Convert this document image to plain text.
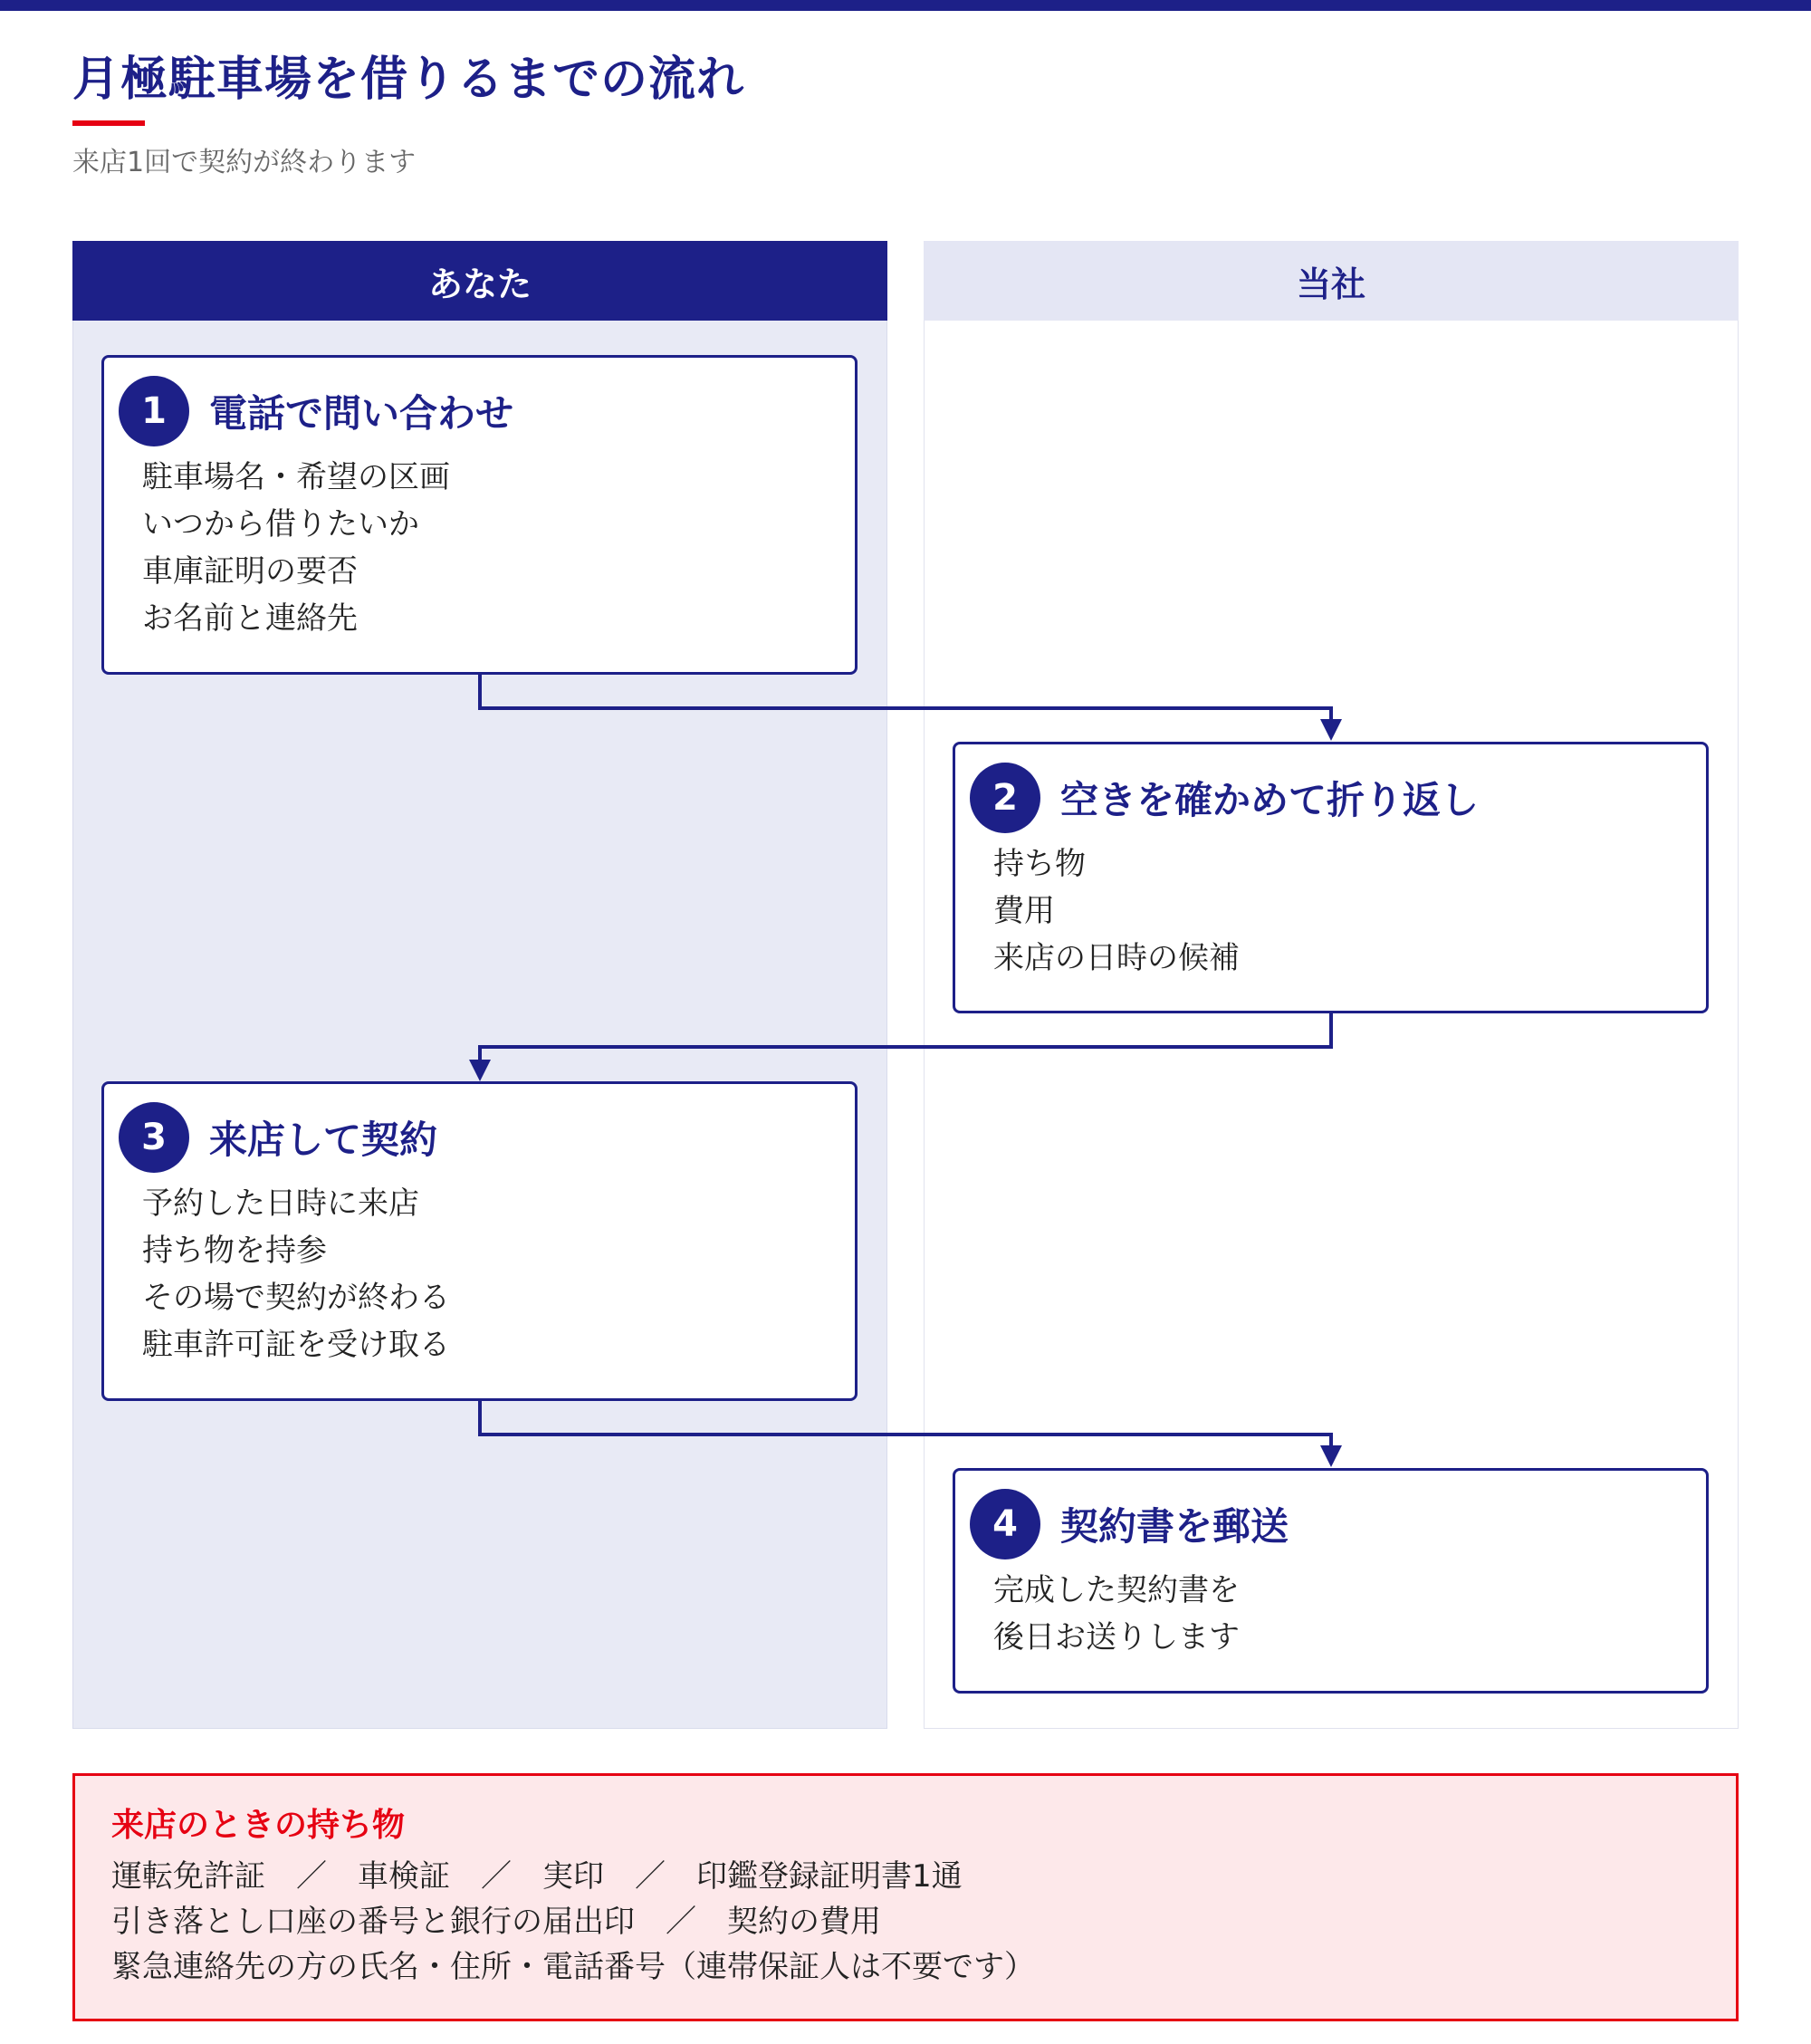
月極駐車場を借りるまでの流れ
来店1回で契約が終わります
あなた	当社
1	電話で問い合わせ
駐車場名・希望の区画
いつから借りたいか
車庫証明の要否
お名前と連絡先
2	空きを確かめて折り返し
持ち物
費用
来店の日時の候補
3	来店して契約
予約した日時に来店
持ち物を持参
その場で契約が終わる
駐車許可証を受け取る
4	契約書を郵送
完成した契約書を
後日お送りします
来店のときの持ち物
運転免許証　／　車検証　／　実印　／　印鑑登録証明書1通
引き落とし口座の番号と銀行の届出印　／　契約の費用
緊急連絡先の方の氏名・住所・電話番号（連帯保証人は不要です）
